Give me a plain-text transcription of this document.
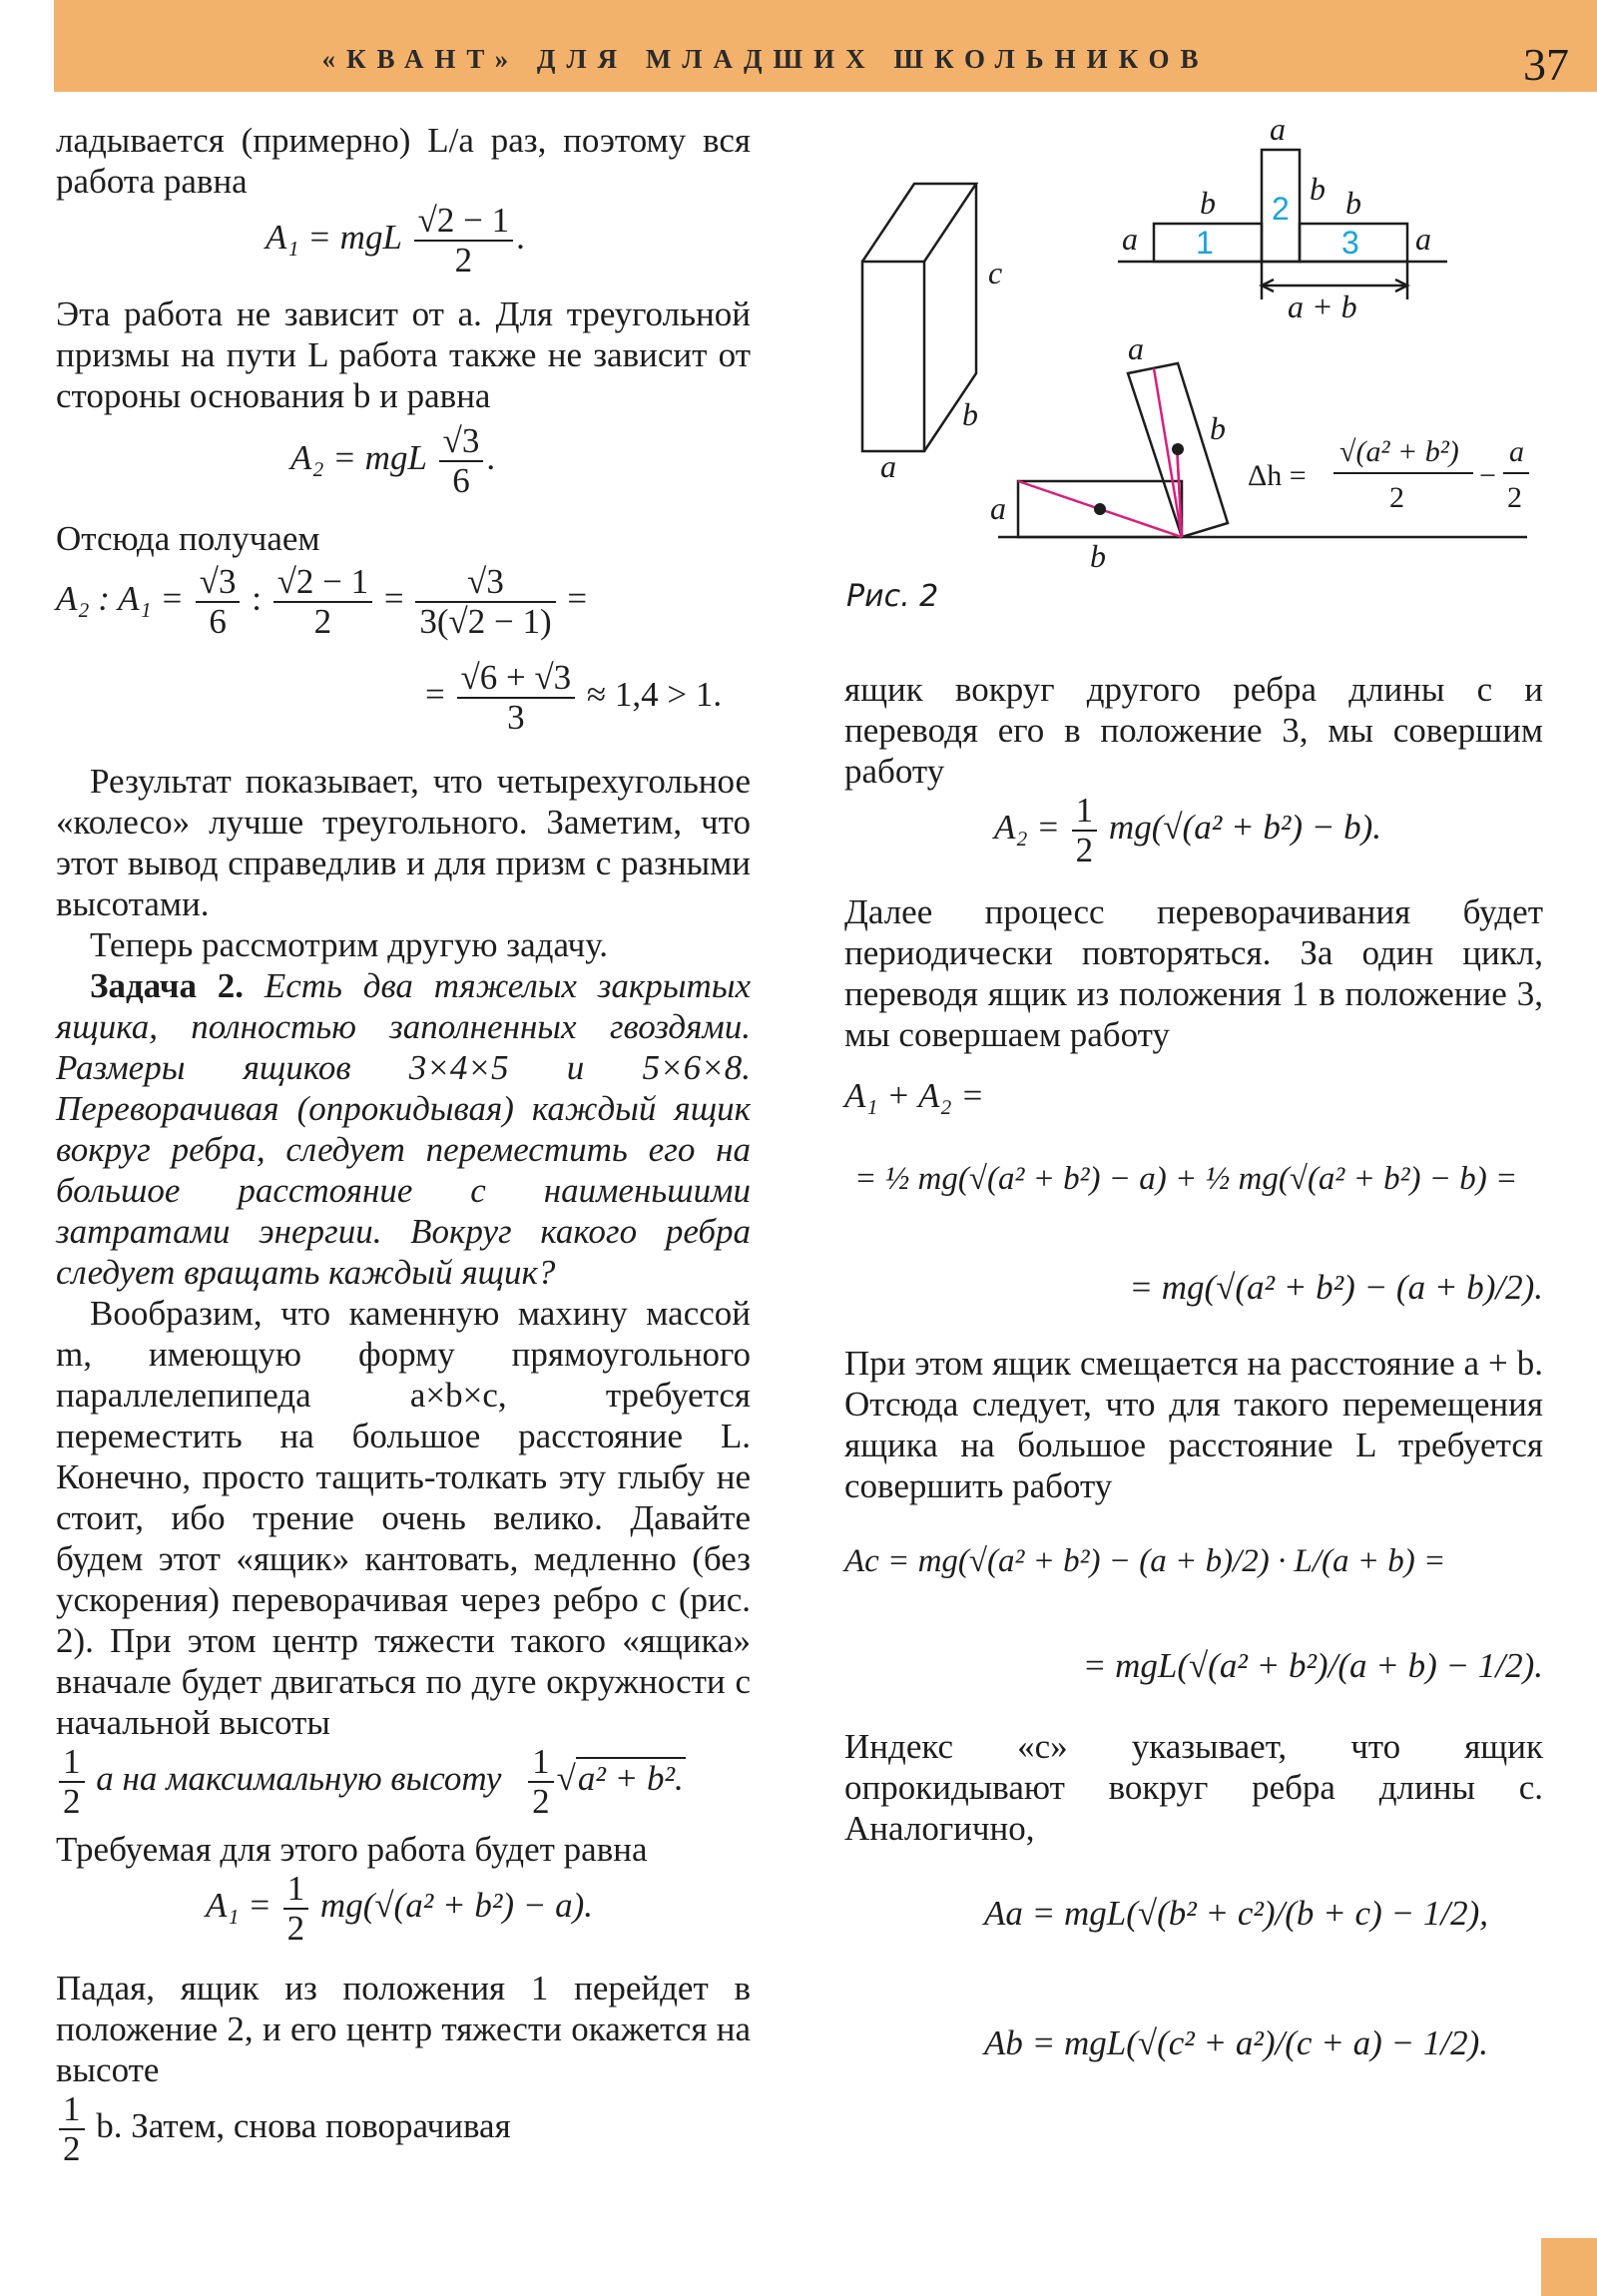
«КВАНТ» ДЛЯ МЛАДШИХ ШКОЛЬНИКОВ	37

ладывается (примерно) L/a раз, поэтому вся работа равна

A₁ = mgL $\frac{√2 - 1}{2}$ .

Эта работа не зависит от a. Для треугольной призмы на пути L работа также не зависит от стороны основания b и равна

A₂ = mgL $\frac{√3}{6}$ .

Отсюда получаем

A₂ : $A_1 = \frac{√3}{6}$ : $\frac{√2 - 1}{2} = \frac{√3}{3(√2 - 1)}$ =
= $\frac{√6 + √3}{3} \approx 1,4 > 1$.

Результат показывает, что четырехугольное «колесо» лучше треугольного. Заметим, что этот вывод справедлив и для призм с разными высотами.

Теперь рассмотрим другую задачу.

Задача 2. Есть два тяжелых закрытых ящика, полностью заполненных гвоздями. Размеры ящиков 3×4×5 и 5×6×8. Переворачивая (опрокидывая) каждый ящик вокруг ребра, следует переместить его на большое расстояние с наименьшими затратами энергии. Вокруг какого ребра следует вращать каждый ящик?

Вообразим, что каменную махину массой m, имеющую форму прямоугольного параллелепипеда a×b×c, требуется переместить на большое расстояние L. Конечно, просто тащить-толкать эту глыбу не стоит, ибо трение очень велико. Давайте будем этот «ящик» кантовать, медленно (без ускорения) переворачивая через ребро c (рис. 2). При этом центр тяжести такого «ящика» вначале будет двигаться по дуге окружности с начальной высоты

$\frac{1}{2}$ a на максимальную высоту $\frac{1}{2} √a^2 + b^2$.

Требуемая для этого работа будет равна

$A_1 = \frac{1}{2} mg(√(a^2 + b^2) - a)$.

Падая, ящик из положения 1 перейдет в положение 2, и его центр тяжести окажется на высоте

$\frac{1}{2} b$. Затем, снова поворачивая
c
b
a
a
b	b b
a	a
a + b
a
b
a
b
1
2
3
Δh =
√(a² + b²)
2
−
a
2
Рис. 2

ящик вокруг другого ребра длины c и переводя его в положение 3, мы совершим работу

$A_2 = \frac{1}{2} mg(√(a^2 + b^2) - b)$.

Далее процесс переворачивания будет периодически повторяться. За один цикл, переводя ящик из положения 1 в положение 3, мы совершаем работу

A₁ + A₂ =
= ½ mg(√(a² + b²) − a) + ½ mg(√(a² + b²) − b) =
= mg(√(a² + b²) − (a + b)/2).

При этом ящик смещается на расстояние a + b. Отсюда следует, что для такого перемещения ящика на большое расстояние L требуется совершить работу

Ac = mg(√(a² + b²) − (a + b)/2) · L/(a + b) =
= mgL(√(a² + b²)/(a + b) − 1/2).

Индекс «c» указывает, что ящик опрокидывают вокруг ребра длины c. Аналогично,

Aa = mgL(√(b² + c²)/(b + c) − 1/2),
Ab = mgL(√(c² + a²)/(c + a) − 1/2).
